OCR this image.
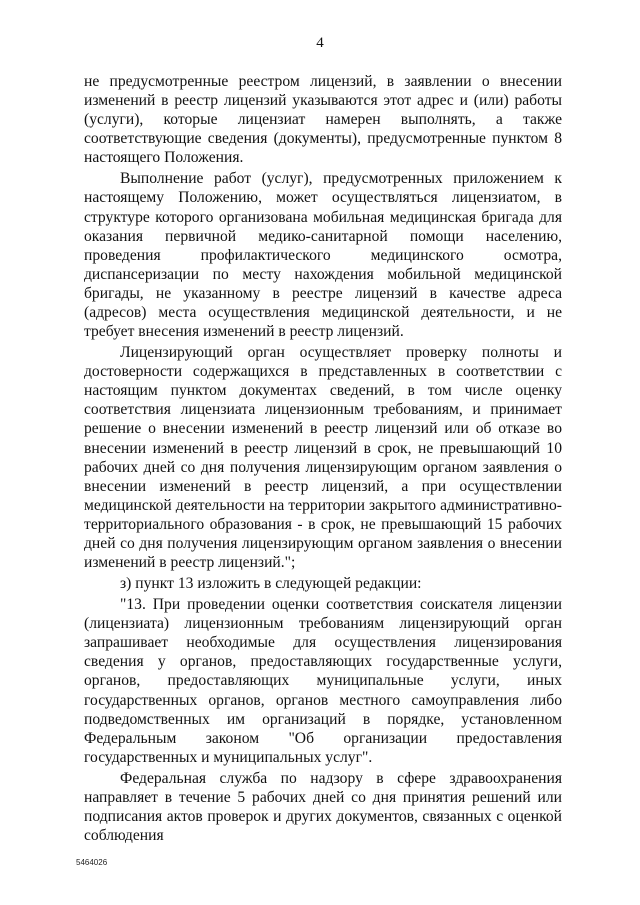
4

не предусмотренные реестром лицензий, в заявлении о внесении изменений в реестр лицензий указываются этот адрес и (или) работы (услуги), которые лицензиат намерен выполнять, а также соответствующие сведения (документы), предусмотренные пунктом 8 настоящего Положения.

Выполнение работ (услуг), предусмотренных приложением к настоящему Положению, может осуществляться лицензиатом, в структуре которого организована мобильная медицинская бригада для оказания первичной медико-санитарной помощи населению, проведения профилактического медицинского осмотра, диспансеризации по месту нахождения мобильной медицинской бригады, не указанному в реестре лицензий в качестве адреса (адресов) места осуществления медицинской деятельности, и не требует внесения изменений в реестр лицензий.

Лицензирующий орган осуществляет проверку полноты и достоверности содержащихся в представленных в соответствии с настоящим пунктом документах сведений, в том числе оценку соответствия лицензиата лицензионным требованиям, и принимает решение о внесении изменений в реестр лицензий или об отказе во внесении изменений в реестр лицензий в срок, не превышающий 10 рабочих дней со дня получения лицензирующим органом заявления о внесении изменений в реестр лицензий, а при осуществлении медицинской деятельности на территории закрытого административно-территориального образования - в срок, не превышающий 15 рабочих дней со дня получения лицензирующим органом заявления о внесении изменений в реестр лицензий.";

з) пункт 13 изложить в следующей редакции:

"13. При проведении оценки соответствия соискателя лицензии (лицензиата) лицензионным требованиям лицензирующий орган запрашивает необходимые для осуществления лицензирования сведения у органов, предоставляющих государственные услуги, органов, предоставляющих муниципальные услуги, иных государственных органов, органов местного самоуправления либо подведомственных им организаций в порядке, установленном Федеральным законом "Об организации предоставления государственных и муниципальных услуг".

Федеральная служба по надзору в сфере здравоохранения направляет в течение 5 рабочих дней со дня принятия решений или подписания актов проверок и других документов, связанных с оценкой соблюдения

5464026
